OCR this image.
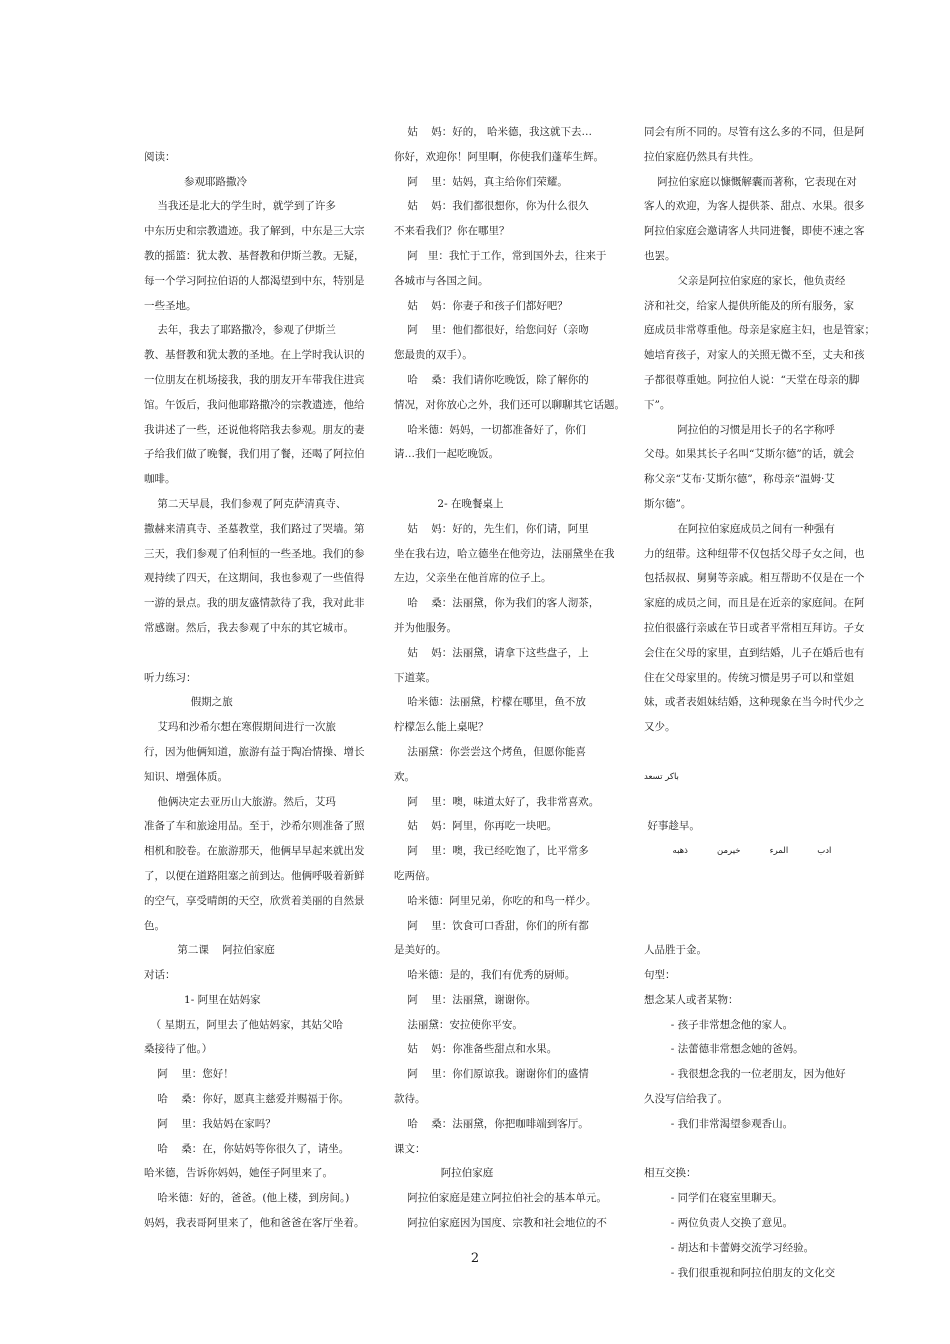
阅读：
参观耶路撒冷
当我还是北大的学生时，就学到了许多
中东历史和宗教遗迹。我了解到，中东是三大宗
教的摇篮：犹太教、基督教和伊斯兰教。无疑，
每一个学习阿拉伯语的人都渴望到中东，特别是
一些圣地。
去年，我去了耶路撒冷，参观了伊斯兰
教、基督教和犹太教的圣地。在上学时我认识的
一位朋友在机场接我，我的朋友开车带我住进宾
馆。午饭后，我问他耶路撒冷的宗教遗迹，他给
我讲述了一些，还说他将陪我去参观。朋友的妻
子给我们做了晚餐，我们用了餐，还喝了阿拉伯
咖啡。
第二天早晨，我们参观了阿克萨清真寺、
撒赫来清真寺、圣墓教堂，我们路过了哭墙。第
三天，我们参观了伯利恒的一些圣地。我们的参
观持续了四天，在这期间，我也参观了一些值得
一游的景点。我的朋友盛情款待了我，我对此非
常感谢。然后，我去参观了中东的其它城市。
听力练习：
假期之旅
艾玛和沙希尔想在寒假期间进行一次旅
行，因为他俩知道，旅游有益于陶冶情操、增长
知识、增强体质。
他俩决定去亚历山大旅游。然后，艾玛
准备了车和旅途用品。至于，沙希尔则准备了照
相机和胶卷。在旅游那天，他俩早早起来就出发
了，以便在道路阻塞之前到达。他俩呼吸着新鲜
的空气，享受晴朗的天空，欣赏着美丽的自然景
色。
第二课    阿拉伯家庭
对话：
1- 阿里在姑妈家
（ 星期五，阿里去了他姑妈家，其姑父哈
桑接待了他。）
阿    里：您好！
哈    桑：你好，愿真主慈爱并赐福于你。
阿    里：我姑妈在家吗？
哈    桑：在，你姑妈等你很久了，请坐。
哈米德，告诉你妈妈，她侄子阿里来了。
哈米德：好的，爸爸。(他上楼，到房间。)
妈妈，我表哥阿里来了，他和爸爸在客厅坐着。
姑    妈：好的， 哈米德，我这就下去…
你好，欢迎你！阿里啊，你使我们蓬荜生辉。
阿    里：姑妈，真主给你们荣耀。
姑    妈：我们都很想你，你为什么很久
不来看我们？你在哪里？
阿   里：我忙于工作，常到国外去，往来于
各城市与各国之间。
姑    妈：你妻子和孩子们都好吧？
阿    里：他们都很好，给您问好（亲吻
您最贵的双手）。
哈    桑：我们请你吃晚饭，除了解你的
情况，对你放心之外，我们还可以聊聊其它话题。
哈米德：妈妈，一切都准备好了，你们
请…我们一起吃晚饭。
2- 在晚餐桌上
姑    妈：好的，先生们，你们请，阿里
坐在我右边，哈立德坐在他旁边，法丽黛坐在我
左边，父亲坐在他首席的位子上。
哈    桑：法丽黛，你为我们的客人沏茶，
并为他服务。
姑    妈：法丽黛，请拿下这些盘子，上
下道菜。
哈米德：法丽黛，柠檬在哪里，鱼不放
柠檬怎么能上桌呢？
法丽黛：你尝尝这个烤鱼，但愿你能喜
欢。
阿    里：噢，味道太好了，我非常喜欢。
姑    妈：阿里，你再吃一块吧。
阿    里：噢，我已经吃饱了，比平常多
吃两倍。
哈米德：阿里兄弟，你吃的和鸟一样少。
阿    里：饮食可口香甜，你们的所有都
是美好的。
哈米德：是的，我们有优秀的厨师。
阿    里：法丽黛，谢谢你。
法丽黛：安拉使你平安。
姑    妈：你准备些甜点和水果。
阿    里：你们原谅我。谢谢你们的盛情
款待。
哈    桑：法丽黛，你把咖啡端到客厅。
课文：
阿拉伯家庭
阿拉伯家庭是建立阿拉伯社会的基本单元。
阿拉伯家庭因为国度、宗教和社会地位的不
同会有所不同的。尽管有这么多的不同，但是阿
拉伯家庭仍然具有共性。
阿拉伯家庭以慷慨解囊而著称，它表现在对
客人的欢迎，为客人提供茶、甜点、水果。很多
阿拉伯家庭会邀请客人共同进餐，即使不速之客
也罢。
父亲是阿拉伯家庭的家长，他负责经
济和社交，给家人提供所能及的所有服务，家
庭成员非常尊重他。母亲是家庭主妇，也是管家；
她培育孩子，对家人的关照无微不至，丈夫和孩
子都很尊重她。阿拉伯人说：“天堂在母亲的脚
下”。
阿拉伯的习惯是用长子的名字称呼
父母。如果其长子名叫“艾斯尔德”的话，就会
称父亲“艾布·艾斯尔德”，称母亲“温姆·艾
斯尔德”。
在阿拉伯家庭成员之间有一种强有
力的纽带。这种纽带不仅包括父母子女之间，也
包括叔叔、舅舅等亲戚。相互帮助不仅是在一个
家庭的成员之间，而且是在近亲的家庭间。在阿
拉伯很盛行亲戚在节日或者平常相互拜访。子女
会住在父母的家里，直到结婚，儿子在婚后也有
住在父母家里的。传统习惯是男子可以和堂姐
妹，或者表姐妹结婚，这种现象在当今时代少之
又少。
باكر تسعد
好事趁早。
ذهبه	خيرمن	المرء	ادب
人品胜于金。
句型：
想念某人或者某物：
- 孩子非常想念他的家人。
- 法蕾德非常想念她的爸妈。
- 我很想念我的一位老朋友，因为他好
久没写信给我了。
- 我们非常渴望参观香山。
相互交换：
- 同学们在寝室里聊天。
- 两位负责人交换了意见。
- 胡达和卡蕾姆交流学习经验。
- 我们很重视和阿拉伯朋友的文化交
2
